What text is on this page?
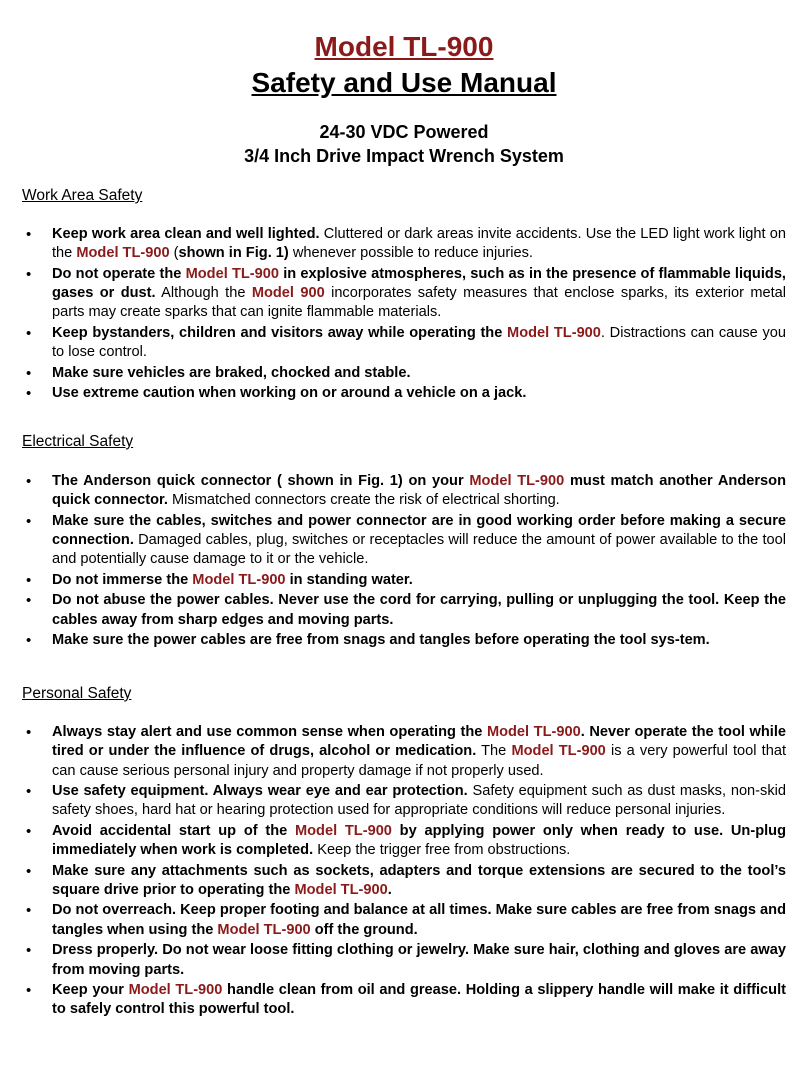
Model TL-900
Safety and Use Manual
24-30 VDC Powered
3/4 Inch Drive Impact Wrench System
Work Area Safety
• Keep work area clean and well lighted. Cluttered or dark areas invite accidents. Use the LED light work light on the Model TL-900 (shown in Fig. 1) whenever possible to reduce injuries.
• Do not operate the Model TL-900 in explosive atmospheres, such as in the presence of flammable liquids, gases or dust. Although the Model 900 incorporates safety measures that enclose sparks, its exterior metal parts may create sparks that can ignite flammable materials.
• Keep bystanders, children and visitors away while operating the Model TL-900. Distractions can cause you to lose control.
• Make sure vehicles are braked, chocked and stable.
• Use extreme caution when working on or around a vehicle on a jack.
Electrical Safety
• The Anderson quick connector ( shown in Fig. 1) on your Model TL-900 must match another Anderson quick connector. Mismatched connectors create the risk of electrical shorting.
• Make sure the cables, switches and power connector are in good working order before making a secure connection. Damaged cables, plug, switches or receptacles will reduce the amount of power available to the tool and potentially cause damage to it or the vehicle.
• Do not immerse the Model TL-900 in standing water.
• Do not abuse the power cables. Never use the cord for carrying, pulling or unplugging the tool. Keep the cables away from sharp edges and moving parts.
• Make sure the power cables are free from snags and tangles before operating the tool sys-tem.
Personal Safety
• Always stay alert and use common sense when operating the Model TL-900. Never operate the tool while tired or under the influence of drugs, alcohol or medication. The Model TL-900 is a very powerful tool that can cause serious personal injury and property damage if not properly used.
• Use safety equipment. Always wear eye and ear protection. Safety equipment such as dust masks, non-skid safety shoes, hard hat or hearing protection used for appropriate conditions will reduce personal injuries.
• Avoid accidental start up of the Model TL-900 by applying power only when ready to use. Un-plug immediately when work is completed. Keep the trigger free from obstructions.
• Make sure any attachments such as sockets, adapters and torque extensions are secured to the tool’s square drive prior to operating the Model TL-900.
• Do not overreach. Keep proper footing and balance at all times. Make sure cables are free from snags and tangles when using the Model TL-900 off the ground.
• Dress properly. Do not wear loose fitting clothing or jewelry. Make sure hair, clothing and gloves are away from moving parts.
• Keep your Model TL-900 handle clean from oil and grease. Holding a slippery handle will make it difficult to safely control this powerful tool.
